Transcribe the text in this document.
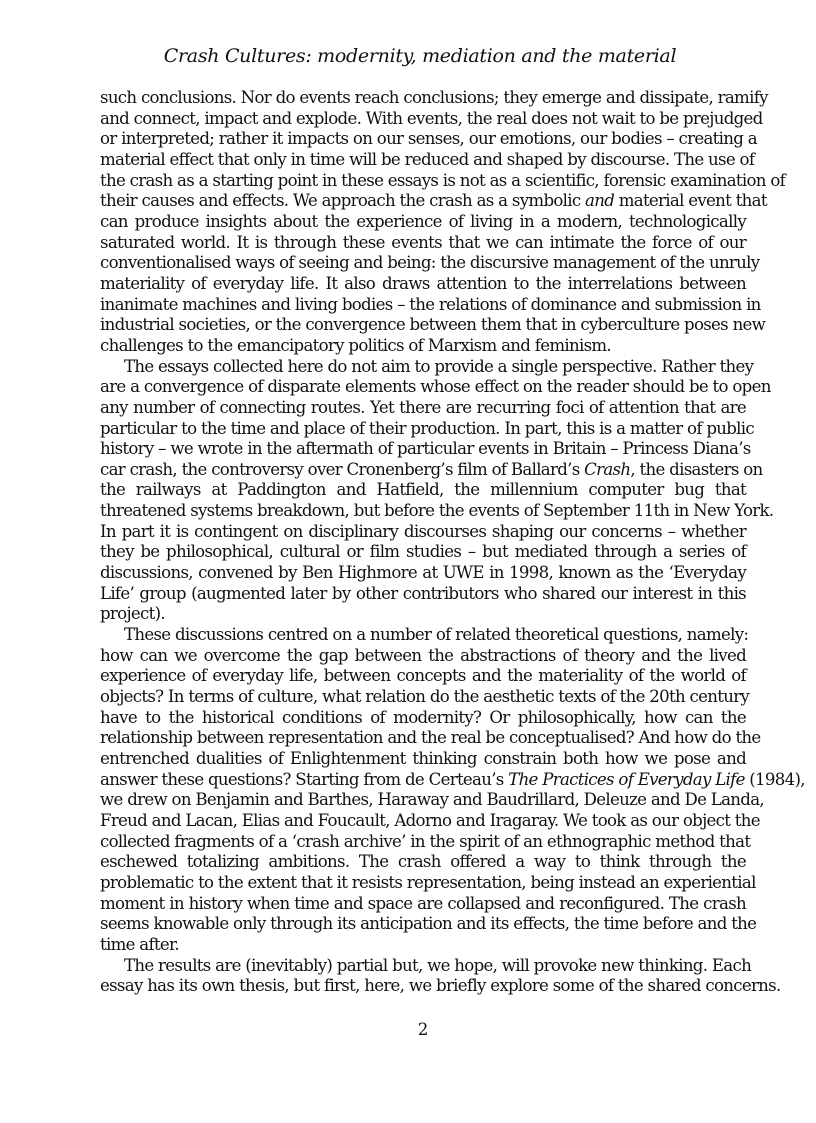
Crash Cultures: modernity, mediation and the material
such conclusions. Nor do events reach conclusions; they emerge and dissipate, ramify
and connect, impact and explode. With events, the real does not wait to be prejudged
or interpreted; rather it impacts on our senses, our emotions, our bodies – creating a
material effect that only in time will be reduced and shaped by discourse. The use of
the crash as a starting point in these essays is not as a scientific, forensic examination of
their causes and effects. We approach the crash as a symbolic and material event that
can produce insights about the experience of living in a modern, technologically
saturated world. It is through these events that we can intimate the force of our
conventionalised ways of seeing and being: the discursive management of the unruly
materiality of everyday life. It also draws attention to the interrelations between
inanimate machines and living bodies – the relations of dominance and submission in
industrial societies, or the convergence between them that in cyberculture poses new
challenges to the emancipatory politics of Marxism and feminism.
The essays collected here do not aim to provide a single perspective. Rather they
are a convergence of disparate elements whose effect on the reader should be to open
any number of connecting routes. Yet there are recurring foci of attention that are
particular to the time and place of their production. In part, this is a matter of public
history – we wrote in the aftermath of particular events in Britain – Princess Diana’s
car crash, the controversy over Cronenberg’s film of Ballard’s Crash, the disasters on
the railways at Paddington and Hatfield, the millennium computer bug that
threatened systems breakdown, but before the events of September 11th in New York.
In part it is contingent on disciplinary discourses shaping our concerns – whether
they be philosophical, cultural or film studies – but mediated through a series of
discussions, convened by Ben Highmore at UWE in 1998, known as the ‘Everyday
Life’ group (augmented later by other contributors who shared our interest in this
project).
These discussions centred on a number of related theoretical questions, namely:
how can we overcome the gap between the abstractions of theory and the lived
experience of everyday life, between concepts and the materiality of the world of
objects? In terms of culture, what relation do the aesthetic texts of the 20th century
have to the historical conditions of modernity? Or philosophically, how can the
relationship between representation and the real be conceptualised? And how do the
entrenched dualities of Enlightenment thinking constrain both how we pose and
answer these questions? Starting from de Certeau’s The Practices of Everyday Life (1984),
we drew on Benjamin and Barthes, Haraway and Baudrillard, Deleuze and De Landa,
Freud and Lacan, Elias and Foucault, Adorno and Iragaray. We took as our object the
collected fragments of a ‘crash archive’ in the spirit of an ethnographic method that
eschewed totalizing ambitions. The crash offered a way to think through the
problematic to the extent that it resists representation, being instead an experiential
moment in history when time and space are collapsed and reconfigured. The crash
seems knowable only through its anticipation and its effects, the time before and the
time after.
The results are (inevitably) partial but, we hope, will provoke new thinking. Each
essay has its own thesis, but first, here, we briefly explore some of the shared concerns.
2
